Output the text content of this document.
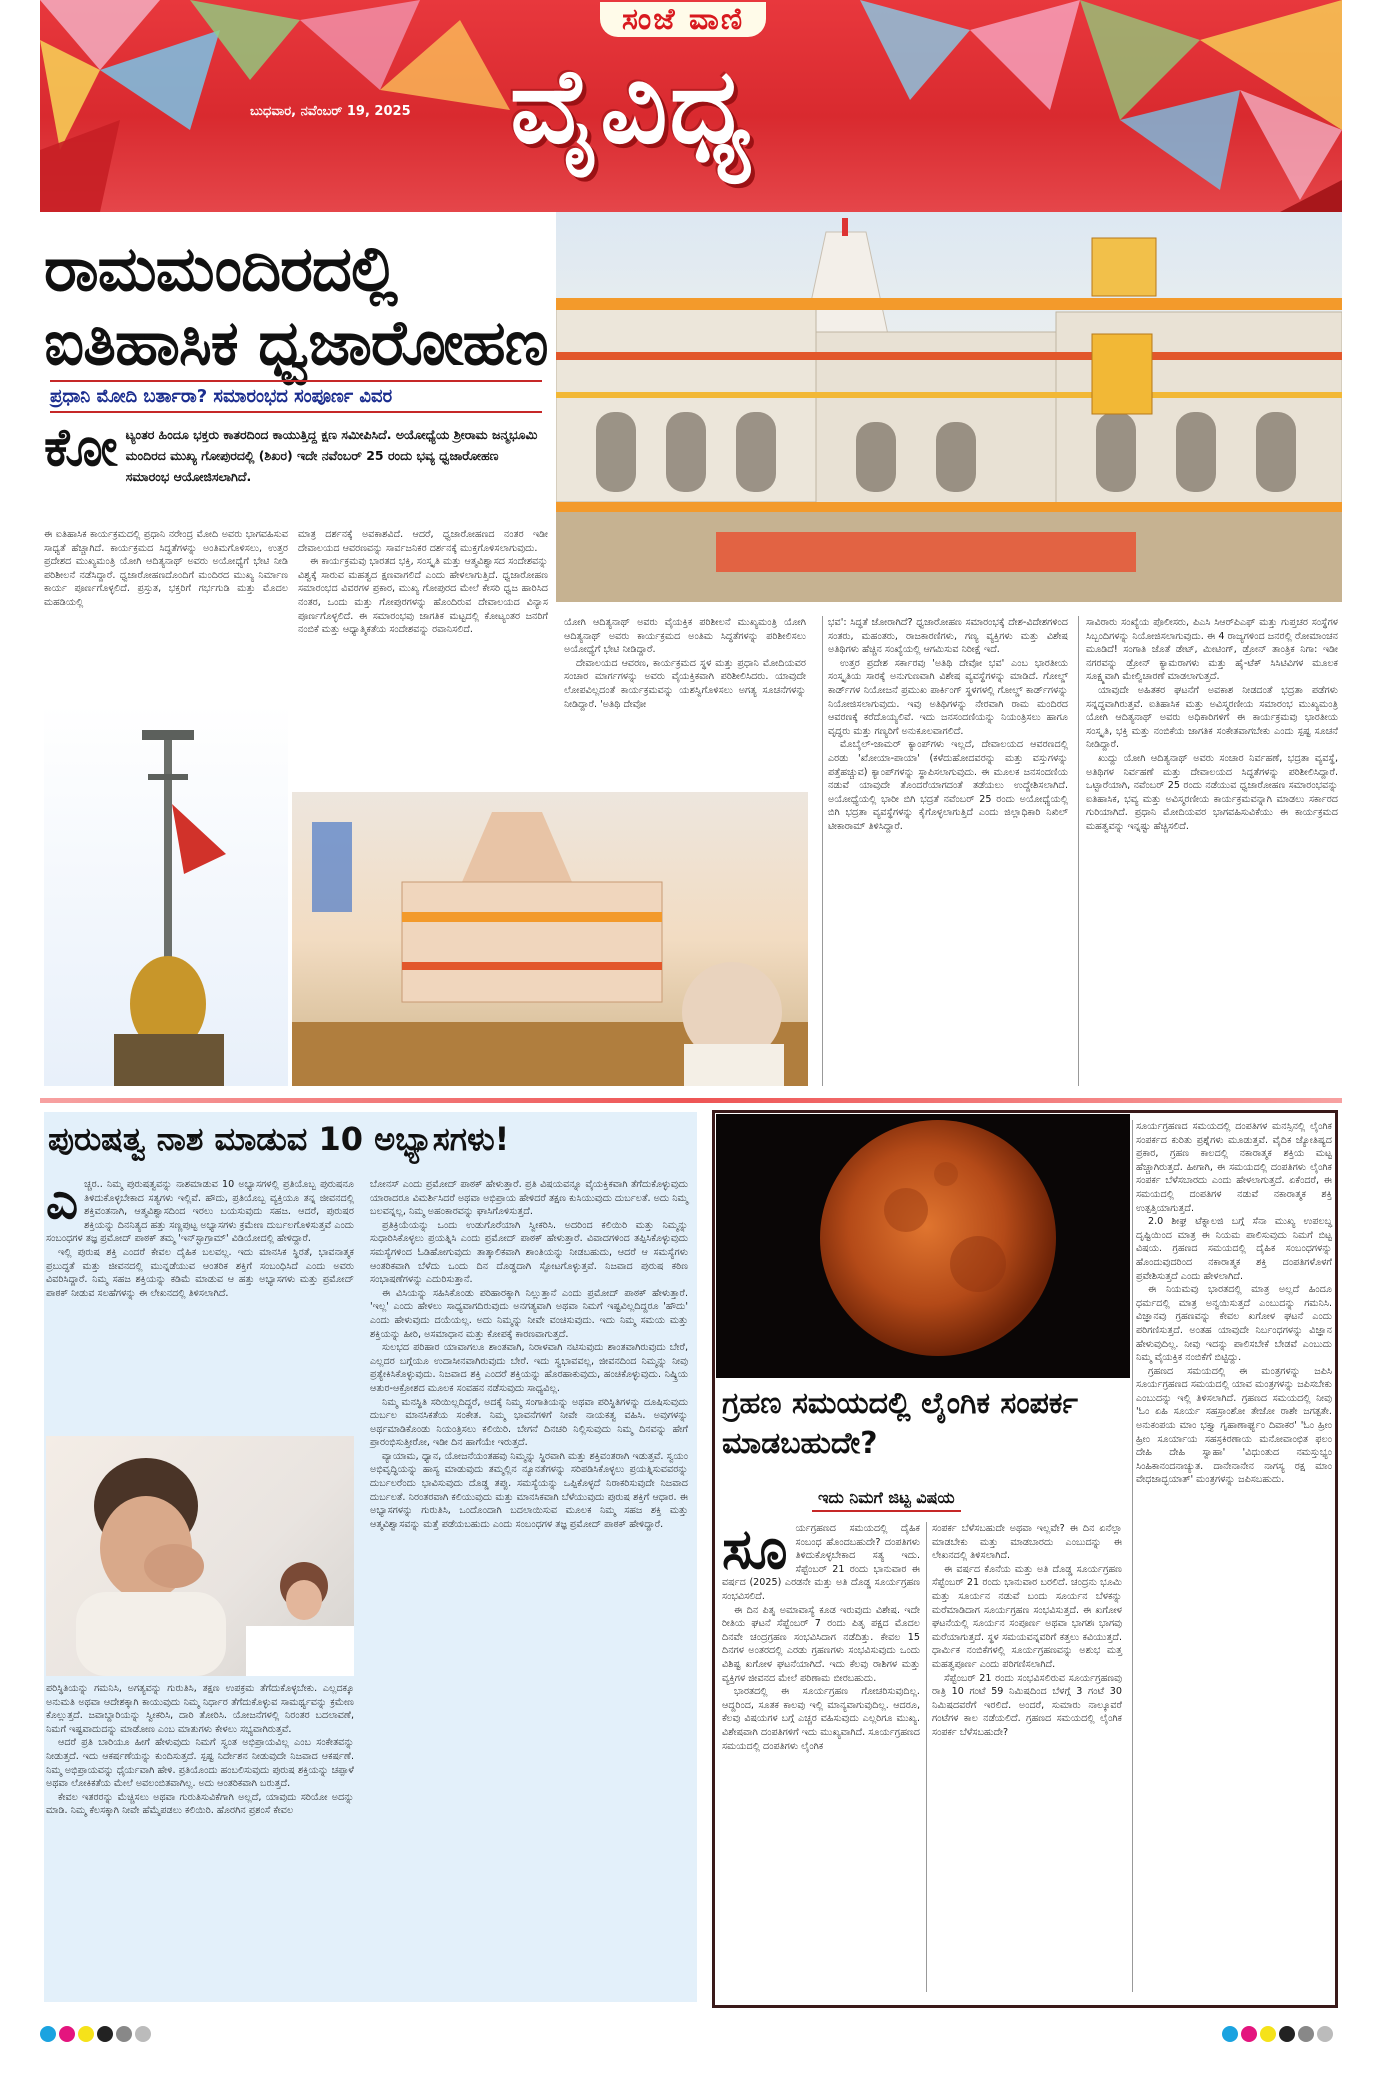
ಸಂಜೆ ವಾಣಿ
ಬುಧವಾರ, ನವೆಂಬರ್ 19, 2025 ವೈವಿಧ್ಯ
ರಾಮಮಂದಿರದಲ್ಲಿ
ಐತಿಹಾಸಿಕ ಧ್ವಜಾರೋಹಣ
ಪ್ರಧಾನಿ ಮೋದಿ ಬರ್ತಾರಾ? ಸಮಾರಂಭದ ಸಂಪೂರ್ಣ ವಿವರ
ಕೋ ಟ್ಯಂತರ ಹಿಂದೂ ಭಕ್ತರು ಕಾತರದಿಂದ ಕಾಯುತ್ತಿದ್ದ ಕ್ಷಣ ಸಮೀಪಿಸಿದೆ. ಅಯೋಧ್ಯೆಯ ಶ್ರೀರಾಮ ಜನ್ಮಭೂಮಿ ಮಂದಿರದ ಮುಖ್ಯ ಗೋಪುರದಲ್ಲಿ (ಶಿಖರ) ಇದೇ ನವೆಂಬರ್ 25 ರಂದು ಭವ್ಯ ಧ್ವಜಾರೋಹಣ ಸಮಾರಂಭ ಆಯೋಜಿಸಲಾಗಿದೆ.

ಈ ಐತಿಹಾಸಿಕ ಕಾರ್ಯಕ್ರಮದಲ್ಲಿ ಪ್ರಧಾನಿ ನರೇಂದ್ರ ಮೋದಿ ಅವರು ಭಾಗವಹಿಸುವ ಸಾಧ್ಯತೆ ಹೆಚ್ಚಾಗಿದೆ. ಕಾರ್ಯಕ್ರಮದ ಸಿದ್ಧತೆಗಳನ್ನು ಅಂತಿಮಗೊಳಿಸಲು, ಉತ್ತರ ಪ್ರದೇಶದ ಮುಖ್ಯಮಂತ್ರಿ ಯೋಗಿ ಆದಿತ್ಯನಾಥ್ ಅವರು ಅಯೋಧ್ಯೆಗೆ ಭೇಟಿ ನೀಡಿ ಪರಿಶೀಲನೆ ನಡೆಸಿದ್ದಾರೆ. ಧ್ವಜಾರೋಹಣದೊಂದಿಗೆ ಮಂದಿರದ ಮುಖ್ಯ ನಿರ್ಮಾಣ ಕಾರ್ಯ ಪೂರ್ಣಗೊಳ್ಳಲಿದೆ. ಪ್ರಸ್ತುತ, ಭಕ್ತರಿಗೆ ಗರ್ಭಗುಡಿ ಮತ್ತು ಮೊದಲ ಮಹಡಿಯಲ್ಲಿ

ಮಾತ್ರ ದರ್ಶನಕ್ಕೆ ಅವಕಾಶವಿದೆ. ಆದರೆ, ಧ್ವಜಾರೋಹಣದ ನಂತರ ಇಡೀ ದೇವಾಲಯದ ಆವರಣವನ್ನು ಸಾರ್ವಜನಿಕರ ದರ್ಶನಕ್ಕೆ ಮುಕ್ತಗೊಳಿಸಲಾಗುವುದು.

ಈ ಕಾರ್ಯಕ್ರಮವು ಭಾರತದ ಭಕ್ತಿ, ಸಂಸ್ಕೃತಿ ಮತ್ತು ಆತ್ಮವಿಶ್ವಾಸದ ಸಂದೇಶವನ್ನು ವಿಶ್ವಕ್ಕೆ ಸಾರುವ ಮಹತ್ವದ ಕ್ಷಣವಾಗಲಿದೆ ಎಂದು ಹೇಳಲಾಗುತ್ತಿದೆ. ಧ್ವಜಾರೋಹಣ ಸಮಾರಂಭದ ವಿವರಗಳ ಪ್ರಕಾರ, ಮುಖ್ಯ ಗೋಪುರದ ಮೇಲೆ ಕೇಸರಿ ಧ್ವಜ ಹಾರಿಸಿದ ನಂತರ, ಒಂದು ಮತ್ತು ಗೋಪುರಗಳನ್ನು ಹೊಂದಿರುವ ದೇವಾಲಯದ ವಿನ್ಯಾಸ ಪೂರ್ಣಗೊಳ್ಳಲಿದೆ. ಈ ಸಮಾರಂಭವು ಜಾಗತಿಕ ಮಟ್ಟದಲ್ಲಿ ಕೋಟ್ಯಂತರ ಜನರಿಗೆ ನಂಬಿಕೆ ಮತ್ತು ಆಧ್ಯಾತ್ಮಿಕತೆಯ ಸಂದೇಶವನ್ನು ರವಾನಿಸಲಿದೆ.

ಯೋಗಿ ಆದಿತ್ಯನಾಥ್ ಅವರು ವೈಯಕ್ತಿಕ ಪರಿಶೀಲನೆ ಮುಖ್ಯಮಂತ್ರಿ ಯೋಗಿ ಆದಿತ್ಯನಾಥ್ ಅವರು ಕಾರ್ಯಕ್ರಮದ ಅಂತಿಮ ಸಿದ್ಧತೆಗಳನ್ನು ಪರಿಶೀಲಿಸಲು ಅಯೋಧ್ಯೆಗೆ ಭೇಟಿ ನೀಡಿದ್ದಾರೆ.

ದೇವಾಲಯದ ಆವರಣ, ಕಾರ್ಯಕ್ರಮದ ಸ್ಥಳ ಮತ್ತು ಪ್ರಧಾನಿ ಮೋದಿಯವರ ಸಂಚಾರ ಮಾರ್ಗಗಳನ್ನು ಅವರು ವೈಯಕ್ತಿಕವಾಗಿ ಪರಿಶೀಲಿಸಿದರು. ಯಾವುದೇ ಲೋಪವಿಲ್ಲದಂತೆ ಕಾರ್ಯಕ್ರಮವನ್ನು ಯಶಸ್ವಿಗೊಳಿಸಲು ಅಗತ್ಯ ಸೂಚನೆಗಳನ್ನು ನೀಡಿದ್ದಾರೆ. 'ಅತಿಥಿ ದೇವೋ

ಭವ': ಸಿದ್ಧತೆ ಜೋರಾಗಿದೆ? ಧ್ವಜಾರೋಹಣ ಸಮಾರಂಭಕ್ಕೆ ದೇಶ-ವಿದೇಶಗಳಿಂದ ಸಂತರು, ಮಹಂತರು, ರಾಜಕಾರಣಿಗಳು, ಗಣ್ಯ ವ್ಯಕ್ತಿಗಳು ಮತ್ತು ವಿಶೇಷ ಅತಿಥಿಗಳು ಹೆಚ್ಚಿನ ಸಂಖ್ಯೆಯಲ್ಲಿ ಆಗಮಿಸುವ ನಿರೀಕ್ಷೆ ಇದೆ.

ಉತ್ತರ ಪ್ರದೇಶ ಸರ್ಕಾರವು 'ಅತಿಥಿ ದೇವೋ ಭವ' ಎಂಬ ಭಾರತೀಯ ಸಂಸ್ಕೃತಿಯ ಸಾರಕ್ಕೆ ಅನುಗುಣವಾಗಿ ವಿಶೇಷ ವ್ಯವಸ್ಥೆಗಳನ್ನು ಮಾಡಿದೆ. ಗೋಲ್ಡ್ ಕಾರ್ಡ್‌ಗಳ ನಿಯೋಜನೆ ಪ್ರಮುಖ ಪಾರ್ಕಿಂಗ್ ಸ್ಥಳಗಳಲ್ಲಿ ಗೋಲ್ಡ್ ಕಾರ್ಡ್‌ಗಳನ್ನು ನಿಯೋಜಿಸಲಾಗುವುದು. ಇವು ಅತಿಥಿಗಳನ್ನು ನೇರವಾಗಿ ರಾಮ ಮಂದಿರದ ಆವರಣಕ್ಕೆ ಕರೆದೊಯ್ಯಲಿವೆ. ಇದು ಜನಸಂದಣಿಯನ್ನು ನಿಯಂತ್ರಿಸಲು ಹಾಗೂ ವೃದ್ಧರು ಮತ್ತು ಗಣ್ಯರಿಗೆ ಅನುಕೂಲವಾಗಲಿದೆ.

ಮೊಬೈಲ್-ಜಾಮರ್ ಕ್ಯಾಂಪ್‌ಗಳು ಇಲ್ಲದೆ, ದೇವಾಲಯದ ಆವರಣದಲ್ಲಿ ಎರಡು 'ಖೋಯಾ-ಪಾಯಾ' (ಕಳೆದುಹೋದವರನ್ನು ಮತ್ತು ವಸ್ತುಗಳನ್ನು ಪತ್ತೆಹಚ್ಚುವ) ಕ್ಯಾಂಪ್‌ಗಳನ್ನು ಸ್ಥಾಪಿಸಲಾಗುವುದು. ಈ ಮೂಲಕ ಜನಸಂದಣಿಯ ನಡುವೆ ಯಾವುದೇ ತೊಂದರೆಯಾಗದಂತೆ ತಡೆಯಲು ಉದ್ದೇಶಿಸಲಾಗಿದೆ. ಅಯೋಧ್ಯೆಯಲ್ಲಿ ಭಾರೀ ಬಿಗಿ ಭದ್ರತೆ ನವೆಂಬರ್ 25 ರಂದು ಅಯೋಧ್ಯೆಯಲ್ಲಿ ಬಿಗಿ ಭದ್ರತಾ ವ್ಯವಸ್ಥೆಗಳನ್ನು ಕೈಗೊಳ್ಳಲಾಗುತ್ತಿದೆ ಎಂದು ಜಿಲ್ಲಾಧಿಕಾರಿ ನಿಖಿಲ್ ಟೀಕಾರಾಮ್ ತಿಳಿಸಿದ್ದಾರೆ.

ಸಾವಿರಾರು ಸಂಖ್ಯೆಯ ಪೊಲೀಸರು, ಪಿಎಸಿ ಸಿಆರ್‌ಪಿಎಫ್ ಮತ್ತು ಗುಪ್ತಚರ ಸಂಸ್ಥೆಗಳ ಸಿಬ್ಬಂದಿಗಳನ್ನು ನಿಯೋಜಿಸಲಾಗುವುದು. ಈ 4 ರಾಜ್ಯಗಳಿಂದ ಜನರಲ್ಲಿ ರೋಮಾಂಚನ ಮೂಡಿದೆ! ಸಂಗಾತಿ ಜೊತೆ ಡೇಟ್, ಮೀಟಿಂಗ್, ಡ್ರೋನ್ ತಾಂತ್ರಿಕ ನಿಗಾ: ಇಡೀ ನಗರವನ್ನು ಡ್ರೋನ್ ಕ್ಯಾಮರಾಗಳು ಮತ್ತು ಹೈ-ಟೆಕ್ ಸಿಸಿಟಿವಿಗಳ ಮೂಲಕ ಸೂಕ್ಷ್ಮವಾಗಿ ಮೇಲ್ವಿಚಾರಣೆ ಮಾಡಲಾಗುತ್ತದೆ.

ಯಾವುದೇ ಅಹಿತಕರ ಘಟನೆಗೆ ಅವಕಾಶ ನೀಡದಂತೆ ಭದ್ರತಾ ಪಡೆಗಳು ಸನ್ನದ್ಧವಾಗಿರುತ್ತವೆ. ಐತಿಹಾಸಿಕ ಮತ್ತು ಅವಿಸ್ಮರಣೀಯ ಸಮಾರಂಭ ಮುಖ್ಯಮಂತ್ರಿ ಯೋಗಿ ಆದಿತ್ಯನಾಥ್ ಅವರು ಅಧಿಕಾರಿಗಳಿಗೆ ಈ ಕಾರ್ಯಕ್ರಮವು ಭಾರತೀಯ ಸಂಸ್ಕೃತಿ, ಭಕ್ತಿ ಮತ್ತು ನಂಬಿಕೆಯ ಜಾಗತಿಕ ಸಂಕೇತವಾಗಬೇಕು ಎಂದು ಸ್ಪಷ್ಟ ಸೂಚನೆ ನೀಡಿದ್ದಾರೆ.

ಖುದ್ದು ಯೋಗಿ ಆದಿತ್ಯನಾಥ್ ಅವರು ಸಂಚಾರ ನಿರ್ವಹಣೆ, ಭದ್ರತಾ ವ್ಯವಸ್ಥೆ, ಅತಿಥಿಗಳ ನಿರ್ವಹಣೆ ಮತ್ತು ದೇವಾಲಯದ ಸಿದ್ಧತೆಗಳನ್ನು ಪರಿಶೀಲಿಸಿದ್ದಾರೆ. ಒಟ್ಟಾರೆಯಾಗಿ, ನವೆಂಬರ್ 25 ರಂದು ನಡೆಯುವ ಧ್ವಜಾರೋಹಣ ಸಮಾರಂಭವನ್ನು ಐತಿಹಾಸಿಕ, ಭವ್ಯ ಮತ್ತು ಅವಿಸ್ಮರಣೀಯ ಕಾರ್ಯಕ್ರಮವನ್ನಾಗಿ ಮಾಡಲು ಸರ್ಕಾರದ ಗುರಿಯಾಗಿದೆ. ಪ್ರಧಾನಿ ಮೋದಿಯವರ ಭಾಗವಹಿಸುವಿಕೆಯು ಈ ಕಾರ್ಯಕ್ರಮದ ಮಹತ್ವವನ್ನು ಇನ್ನಷ್ಟು ಹೆಚ್ಚಿಸಲಿದೆ.

ಪುರುಷತ್ವ ನಾಶ ಮಾಡುವ 10 ಅಭ್ಯಾಸಗಳು!
ಎ ಚ್ಚರ.. ನಿಮ್ಮ ಪುರುಷತ್ವವನ್ನು ನಾಶಮಾಡುವ 10 ಅಭ್ಯಾಸಗಳಲ್ಲಿ ಪ್ರತಿಯೊಬ್ಬ ಪುರುಷನೂ ತಿಳಿದುಕೊಳ್ಳಬೇಕಾದ ಸತ್ಯಗಳು ಇಲ್ಲಿವೆ. ಹೌದು, ಪ್ರತಿಯೊಬ್ಬ ವ್ಯಕ್ತಿಯೂ ತನ್ನ ಜೀವನದಲ್ಲಿ ಶಕ್ತಿವಂತನಾಗಿ, ಆತ್ಮವಿಶ್ವಾಸದಿಂದ ಇರಲು ಬಯಸುವುದು ಸಹಜ. ಆದರೆ, ಪುರುಷರ ಶಕ್ತಿಯನ್ನು ದಿನನಿತ್ಯದ ಹತ್ತು ಸಣ್ಣಪುಟ್ಟ ಅಭ್ಯಾಸಗಳು ಕ್ರಮೇಣ ದುರ್ಬಲಗೊಳಿಸುತ್ತವೆ ಎಂದು ಸಂಬಂಧಗಳ ತಜ್ಞ ಪ್ರಮೋದ್ ಪಾಠಕ್ ತಮ್ಮ 'ಇನ್‌ಸ್ಟಾಗ್ರಾಮ್' ವಿಡಿಯೋದಲ್ಲಿ ಹೇಳಿದ್ದಾರೆ.

ಇಲ್ಲಿ ಪುರುಷ ಶಕ್ತಿ ಎಂದರೆ ಕೇವಲ ದೈಹಿಕ ಬಲವಲ್ಲ. ಇದು ಮಾನಸಿಕ ಸ್ಥಿರತೆ, ಭಾವನಾತ್ಮಕ ಪ್ರಬುದ್ಧತೆ ಮತ್ತು ಜೀವನದಲ್ಲಿ ಮುನ್ನಡೆಯುವ ಆಂತರಿಕ ಶಕ್ತಿಗೆ ಸಂಬಂಧಿಸಿದೆ ಎಂದು ಅವರು ವಿವರಿಸಿದ್ದಾರೆ. ನಿಮ್ಮ ಸಹಜ ಶಕ್ತಿಯನ್ನು ಕಡಿಮೆ ಮಾಡುವ ಆ ಹತ್ತು ಅಭ್ಯಾಸಗಳು ಮತ್ತು ಪ್ರಮೋದ್ ಪಾಠಕ್ ನೀಡುವ ಸಲಹೆಗಳನ್ನು ಈ ಲೇಖನದಲ್ಲಿ ತಿಳಿಸಲಾಗಿದೆ.

ಪರಿಸ್ಥಿತಿಯನ್ನು ಗಮನಿಸಿ, ಅಗತ್ಯವನ್ನು ಗುರುತಿಸಿ, ತಕ್ಷಣ ಉಪಕ್ರಮ ತೆಗೆದುಕೊಳ್ಳಬೇಕು. ಎಲ್ಲದಕ್ಕೂ ಅನುಮತಿ ಅಥವಾ ಆದೇಶಕ್ಕಾಗಿ ಕಾಯುವುದು ನಿಮ್ಮ ನಿರ್ಧಾರ ತೆಗೆದುಕೊಳ್ಳುವ ಸಾಮರ್ಥ್ಯವನ್ನು ಕ್ರಮೇಣ ಕೊಲ್ಲುತ್ತದೆ. ಜವಾಬ್ದಾರಿಯನ್ನು ಸ್ವೀಕರಿಸಿ, ದಾರಿ ತೋರಿಸಿ. ಯೋಜನೆಗಳಲ್ಲಿ ನಿರಂತರ ಬದಲಾವಣೆ, ನಿಮಗೆ ಇಷ್ಟವಾದುದನ್ನು ಮಾಡೋಣ ಎಂಬ ಮಾತುಗಳು ಕೇಳಲು ಸಭ್ಯವಾಗಿರುತ್ತವೆ.

ಆದರೆ ಪ್ರತಿ ಬಾರಿಯೂ ಹೀಗೆ ಹೇಳುವುದು ನಿಮಗೆ ಸ್ವಂತ ಅಭಿಪ್ರಾಯವಿಲ್ಲ ಎಂಬ ಸಂಕೇತವನ್ನು ನೀಡುತ್ತದೆ. ಇದು ಆಕರ್ಷಣೆಯನ್ನು ಕುಂದಿಸುತ್ತದೆ. ಸ್ಪಷ್ಟ ನಿರ್ದೇಶನ ನೀಡುವುದೇ ನಿಜವಾದ ಆಕರ್ಷಣೆ. ನಿಮ್ಮ ಅಭಿಪ್ರಾಯವನ್ನು ಧೈರ್ಯವಾಗಿ ಹೇಳಿ. ಪ್ರತಿಯೊಂದು ಹಂಬಲಿಸುವುದು ಪುರುಷ ಶಕ್ತಿಯನ್ನು ಚಪ್ಪಾಳೆ ಅಥವಾ ಲೋಕಿಕತೆಯ ಮೇಲೆ ಅವಲಂಬಿತವಾಗಿಲ್ಲ. ಅದು ಆಂತರಿಕವಾಗಿ ಬರುತ್ತದೆ.

ಕೇವಲ ಇತರರನ್ನು ಮೆಚ್ಚಿಸಲು ಅಥವಾ ಗುರುತಿಸುವಿಕೆಗಾಗಿ ಅಲ್ಲದೆ, ಯಾವುದು ಸರಿಯೋ ಅದನ್ನು ಮಾಡಿ. ನಿಮ್ಮ ಕೆಲಸಕ್ಕಾಗಿ ನೀವೇ ಹೆಮ್ಮೆಪಡಲು ಕಲಿಯಿರಿ. ಹೊರಗಿನ ಪ್ರಶಂಸೆ ಕೇವಲ

ಬೋನಸ್ ಎಂದು ಪ್ರಮೋದ್ ಪಾಠಕ್ ಹೇಳುತ್ತಾರೆ. ಪ್ರತಿ ವಿಷಯವನ್ನೂ ವೈಯಕ್ತಿಕವಾಗಿ ತೆಗೆದುಕೊಳ್ಳುವುದು ಯಾರಾದರೂ ವಿಮರ್ಶಿಸಿದರೆ ಅಥವಾ ಅಭಿಪ್ರಾಯ ಹೇಳಿದರೆ ತಕ್ಷಣ ಕುಸಿಯುವುದು ದುರ್ಬಲತೆ. ಅದು ನಿಮ್ಮ ಬಲವನ್ನಲ್ಲ, ನಿಮ್ಮ ಅಹಂಕಾರವನ್ನು ಘಾಸಿಗೊಳಿಸುತ್ತದೆ.

ಪ್ರತಿಕ್ರಿಯೆಯನ್ನು ಒಂದು ಉಡುಗೊರೆಯಾಗಿ ಸ್ವೀಕರಿಸಿ. ಅದರಿಂದ ಕಲಿಯಿರಿ ಮತ್ತು ನಿಮ್ಮನ್ನು ಸುಧಾರಿಸಿಕೊಳ್ಳಲು ಪ್ರಯತ್ನಿಸಿ ಎಂದು ಪ್ರಮೋದ್ ಪಾಠಕ್ ಹೇಳುತ್ತಾರೆ. ವಿವಾದಗಳಿಂದ ತಪ್ಪಿಸಿಕೊಳ್ಳುವುದು ಸಮಸ್ಯೆಗಳಿಂದ ಓಡಿಹೋಗುವುದು ತಾತ್ಕಾಲಿಕವಾಗಿ ಶಾಂತಿಯನ್ನು ನೀಡಬಹುದು, ಆದರೆ ಆ ಸಮಸ್ಯೆಗಳು ಆಂತರಿಕವಾಗಿ ಬೆಳೆದು ಒಂದು ದಿನ ದೊಡ್ಡದಾಗಿ ಸ್ಫೋಟಗೊಳ್ಳುತ್ತವೆ. ನಿಜವಾದ ಪುರುಷ ಕಠಿಣ ಸಂಭಾಷಣೆಗಳನ್ನು ಎದುರಿಸುತ್ತಾನೆ.

ಈ ವಿಸಿಯನ್ನು ಸಹಿಸಿಕೊಂಡು ಪರಿಹಾರಕ್ಕಾಗಿ ನಿಲ್ಲುತ್ತಾನೆ ಎಂದು ಪ್ರಮೋದ್ ಪಾಠಕ್ ಹೇಳುತ್ತಾರೆ. 'ಇಲ್ಲ' ಎಂದು ಹೇಳಲು ಸಾಧ್ಯವಾಗದಿರುವುದು ಅನಗತ್ಯವಾಗಿ ಅಥವಾ ನಿಮಗೆ ಇಷ್ಟವಿಲ್ಲದಿದ್ದರೂ 'ಹೌದು' ಎಂದು ಹೇಳುವುದು ದಯೆಯಲ್ಲ. ಅದು ನಿಮ್ಮನ್ನು ನೀವೇ ವಂಚಿಸುವುದು. ಇದು ನಿಮ್ಮ ಸಮಯ ಮತ್ತು ಶಕ್ತಿಯನ್ನು ಹೀರಿ, ಅಸಮಾಧಾನ ಮತ್ತು ಕೋಪಕ್ಕೆ ಕಾರಣವಾಗುತ್ತದೆ.

ಸುಲಭದ ಪರಿಹಾರ ಯಾವಾಗಲೂ ಶಾಂತವಾಗಿ, ನಿರಾಳವಾಗಿ ನಟಿಸುವುದು ಶಾಂತವಾಗಿರುವುದು ಬೇರೆ, ಎಲ್ಲದರ ಬಗ್ಗೆಯೂ ಉದಾಸೀನವಾಗಿರುವುದು ಬೇರೆ. ಇದು ಸ್ವಭಾವವಲ್ಲ, ಜೀವನದಿಂದ ನಿಮ್ಮನ್ನು ನೀವು ಪ್ರತ್ಯೇಕಿಸಿಕೊಳ್ಳುವುದು. ನಿಜವಾದ ಶಕ್ತಿ ಎಂದರೆ ಶಕ್ತಿಯನ್ನು ಹೊರಹಾಕುವುದು, ಹಂಚಿಕೊಳ್ಳುವುದು. ನಿಷ್ಕ್ರಿಯ ಆತುರ-ಆಕ್ರೋಶದ ಮೂಲಕ ಸಂವಹನ ನಡೆಸುವುದು ಸಾಧ್ಯವಿಲ್ಲ.

ನಿಮ್ಮ ಮನಸ್ಥಿತಿ ಸರಿಯಿಲ್ಲದಿದ್ದರೆ, ಅದಕ್ಕೆ ನಿಮ್ಮ ಸಂಗಾತಿಯನ್ನು ಅಥವಾ ಪರಿಸ್ಥಿತಿಗಳನ್ನು ದೂಷಿಸುವುದು ದುರ್ಬಲ ಮಾನಸಿಕತೆಯ ಸಂಕೇತ. ನಿಮ್ಮ ಭಾವನೆಗಳಿಗೆ ನೀವೇ ನಾಯಕತ್ವ ವಹಿಸಿ. ಅವುಗಳನ್ನು ಅರ್ಥಮಾಡಿಕೊಂಡು ನಿಯಂತ್ರಿಸಲು ಕಲಿಯಿರಿ. ಬೇಗನೆ ದಿನಚರಿ ನಿಲ್ಲಿಸುವುದು ನಿಮ್ಮ ದಿನವನ್ನು ಹೇಗೆ ಪ್ರಾರಂಭಿಸುತ್ತೀರೋ, ಇಡೀ ದಿನ ಹಾಗೆಯೇ ಇರುತ್ತದೆ.

ವ್ಯಾಯಾಮ, ಧ್ಯಾನ, ಯೋಜನೆಯಂತಹವು ನಿಮ್ಮನ್ನು ಸ್ಥಿರವಾಗಿ ಮತ್ತು ಶಕ್ತಿವಂತರಾಗಿ ಇಡುತ್ತವೆ. ಸ್ವಯಂ ಅಭಿವೃದ್ಧಿಯನ್ನು ಹಾಸ್ಯ ಮಾಡುವುದು ತಮ್ಮಲ್ಲಿನ ನ್ಯೂನತೆಗಳನ್ನು ಸರಿಪಡಿಸಿಕೊಳ್ಳಲು ಪ್ರಯತ್ನಿಸುವವರನ್ನು ದುರ್ಬಲರೆಂದು ಭಾವಿಸುವುದು ದೊಡ್ಡ ತಪ್ಪು. ಸಮಸ್ಯೆಯನ್ನು ಒಪ್ಪಿಕೊಳ್ಳದೆ ನಿರಾಕರಿಸುವುದೇ ನಿಜವಾದ ದುರ್ಬಲತೆ. ನಿರಂತರವಾಗಿ ಕಲಿಯುವುದು ಮತ್ತು ಮಾನಸಿಕವಾಗಿ ಬೆಳೆಯುವುದು ಪುರುಷ ಶಕ್ತಿಗೆ ಆಧಾರ. ಈ ಅಭ್ಯಾಸಗಳನ್ನು ಗುರುತಿಸಿ, ಒಂದೊಂದಾಗಿ ಬದಲಾಯಿಸುವ ಮೂಲಕ ನಿಮ್ಮ ಸಹಜ ಶಕ್ತಿ ಮತ್ತು ಆತ್ಮವಿಶ್ವಾಸವನ್ನು ಮತ್ತೆ ಪಡೆಯಬಹುದು ಎಂದು ಸಂಬಂಧಗಳ ತಜ್ಞ ಪ್ರಮೋದ್ ಪಾಠಕ್ ಹೇಳಿದ್ದಾರೆ.

ಗ್ರಹಣ ಸಮಯದಲ್ಲಿ ಲೈಂಗಿಕ ಸಂಪರ್ಕ ಮಾಡಬಹುದೇ?
ಇದು ನಿಮಗೆ ಜಿಟ್ಟ ವಿಷಯ
ಸೂ ರ್ಯಗ್ರಹಣದ ಸಮಯದಲ್ಲಿ ದೈಹಿಕ ಸಂಬಂಧ ಹೊಂದಬಹುದೇ? ದಂಪತಿಗಳು ತಿಳಿದುಕೊಳ್ಳಬೇಕಾದ ಸತ್ಯ ಇದು. ಸೆಪ್ಟೆಂಬರ್ 21 ರಂದು ಭಾನುವಾರ ಈ ವರ್ಷದ (2025) ಎರಡನೇ ಮತ್ತು ಅತಿ ದೊಡ್ಡ ಸೂರ್ಯಗ್ರಹಣ ಸಂಭವಿಸಲಿದೆ.

ಈ ದಿನ ಪಿತೃ ಅಮಾವಾಸ್ಯೆ ಕೂಡ ಇರುವುದು ವಿಶೇಷ. ಇದೇ ರೀತಿಯ ಘಟನೆ ಸೆಪ್ಟೆಂಬರ್ 7 ರಂದು ಪಿತೃ ಪಕ್ಷದ ಮೊದಲ ದಿನವೇ ಚಂದ್ರಗ್ರಹಣ ಸಂಭವಿಸಿದಾಗ ನಡೆದಿತ್ತು. ಕೇವಲ 15 ದಿನಗಳ ಅಂತರದಲ್ಲಿ ಎರಡು ಗ್ರಹಣಗಳು ಸಂಭವಿಸುವುದು ಒಂದು ವಿಶಿಷ್ಟ ಖಗೋಳ ಘಟನೆಯಾಗಿದೆ. ಇದು ಕೆಲವು ರಾಶಿಗಳ ಮತ್ತು ವ್ಯಕ್ತಿಗಳ ಜೀವನದ ಮೇಲೆ ಪರಿಣಾಮ ಬೀರಬಹುದು.

ಭಾರತದಲ್ಲಿ ಈ ಸೂರ್ಯಗ್ರಹಣ ಗೋಚರಿಸುವುದಿಲ್ಲ. ಆದ್ದರಿಂದ, ಸೂತಕ ಕಾಲವು ಇಲ್ಲಿ ಮಾನ್ಯವಾಗುವುದಿಲ್ಲ. ಆದರೂ, ಕೆಲವು ವಿಷಯಗಳ ಬಗ್ಗೆ ಎಚ್ಚರ ವಹಿಸುವುದು ಎಲ್ಲರಿಗೂ ಮುಖ್ಯ. ವಿಶೇಷವಾಗಿ ದಂಪತಿಗಳಿಗೆ ಇದು ಮುಖ್ಯವಾಗಿದೆ. ಸೂರ್ಯಗ್ರಹಣದ ಸಮಯದಲ್ಲಿ ದಂಪತಿಗಳು ಲೈಂಗಿಕ

ಸಂಪರ್ಕ ಬೆಳೆಸಬಹುದೇ ಅಥವಾ ಇಲ್ಲವೇ? ಈ ದಿನ ಏನೆಲ್ಲಾ ಮಾಡಬೇಕು ಮತ್ತು ಮಾಡಬಾರದು ಎಂಬುದನ್ನು ಈ ಲೇಖನದಲ್ಲಿ ತಿಳಿಸಲಾಗಿದೆ.

ಈ ವರ್ಷದ ಕೊನೆಯ ಮತ್ತು ಅತಿ ದೊಡ್ಡ ಸೂರ್ಯಗ್ರಹಣ ಸೆಪ್ಟೆಂಬರ್ 21 ರಂದು ಭಾನುವಾರ ಬರಲಿದೆ. ಚಂದ್ರನು ಭೂಮಿ ಮತ್ತು ಸೂರ್ಯನ ನಡುವೆ ಬಂದು ಸೂರ್ಯನ ಬೆಳಕನ್ನು ಮರೆಮಾಡಿದಾಗ ಸೂರ್ಯಗ್ರಹಣ ಸಂಭವಿಸುತ್ತದೆ. ಈ ಖಗೋಳ ಘಟನೆಯಲ್ಲಿ ಸೂರ್ಯನ ಸಂಪೂರ್ಣ ಅಥವಾ ಭಾಗಶಃ ಭಾಗವು ಮರೆಯಾಗುತ್ತದೆ. ಸ್ಥಳ ಸಮಯವನ್ನವರಿಗೆ ಕತ್ತಲು ಕವಿಯುತ್ತದೆ. ಧಾರ್ಮಿಕ ನಂಬಿಕೆಗಳಲ್ಲಿ ಸೂರ್ಯಗ್ರಹಣವನ್ನು ಅಶುಭ ಮತ್ತ ಮಹತ್ವಪೂರ್ಣ ಎಂದು ಪರಿಗಣಿಸಲಾಗಿದೆ.

ಸೆಪ್ಟೆಂಬರ್ 21 ರಂದು ಸಂಭವಿಸಲಿರುವ ಸೂರ್ಯಗ್ರಹಣವು ರಾತ್ರಿ 10 ಗಂಟೆ 59 ನಿಮಿಷದಿಂದ ಬೆಳಗ್ಗೆ 3 ಗಂಟೆ 30 ನಿಮಿಷದವರೆಗೆ ಇರಲಿದೆ. ಅಂದರೆ, ಸುಮಾರು ನಾಲ್ಕೂವರೆ ಗಂಟೆಗಳ ಕಾಲ ನಡೆಯಲಿದೆ. ಗ್ರಹಣದ ಸಮಯದಲ್ಲಿ ಲೈಂಗಿಕ ಸಂಪರ್ಕ ಬೆಳೆಸಬಹುದೇ?

ಸೂರ್ಯಗ್ರಹಣದ ಸಮಯದಲ್ಲಿ ದಂಪತಿಗಳ ಮನಸ್ಸಿನಲ್ಲಿ ಲೈಂಗಿಕ ಸಂಪರ್ಕದ ಕುರಿತು ಪ್ರಶ್ನೆಗಳು ಮೂಡುತ್ತವೆ. ವೈದಿಕ ಜ್ಯೋತಿಷ್ಯದ ಪ್ರಕಾರ, ಗ್ರಹಣ ಕಾಲದಲ್ಲಿ ನಕಾರಾತ್ಮಕ ಶಕ್ತಿಯ ಮಟ್ಟ ಹೆಚ್ಚಾಗಿರುತ್ತದೆ. ಹೀಗಾಗಿ, ಈ ಸಮಯದಲ್ಲಿ ದಂಪತಿಗಳು ಲೈಂಗಿಕ ಸಂಪರ್ಕ ಬೆಳೆಸಬಾರದು ಎಂದು ಹೇಳಲಾಗುತ್ತದೆ. ಏಕೆಂದರೆ, ಈ ಸಮಯದಲ್ಲಿ ದಂಪತಿಗಳ ನಡುವೆ ನಕಾರಾತ್ಮಕ ಶಕ್ತಿ ಉತ್ಪತ್ತಿಯಾಗುತ್ತದೆ.

2.0 ಶೀಘ್ರ ಟೆಕ್ನಾಲಜಿ ಬಗ್ಗೆ ಸೆನಾ ಮುಖ್ಯ ಉಪಲಬ್ಧ ದೃಷ್ಟಿಯಿಂದ ಮಾತ್ರ ಈ ನಿಯಮ ಪಾಲಿಸುವುದು ನಿಮಗೆ ಬಿಟ್ಟ ವಿಷಯ. ಗ್ರಹಣದ ಸಮಯದಲ್ಲಿ ದೈಹಿಕ ಸಂಬಂಧಗಳನ್ನು ಹೊಂದುವುದರಿಂದ ನಕಾರಾತ್ಮಕ ಶಕ್ತಿ ದಂಪತಿಗಳೊಳಗೆ ಪ್ರವೇಶಿಸುತ್ತದೆ ಎಂದು ಹೇಳಲಾಗಿದೆ.

ಈ ನಿಯಮವು ಭಾರತದಲ್ಲಿ ಮಾತ್ರ ಅಲ್ಲದೆ ಹಿಂದೂ ಧರ್ಮದಲ್ಲಿ ಮಾತ್ರ ಅನ್ವಯಿಸುತ್ತದೆ ಎಂಬುದನ್ನು ಗಮನಿಸಿ. ವಿಜ್ಞಾನವು ಗ್ರಹಣವನ್ನು ಕೇವಲ ಖಗೋಳ ಘಟನೆ ಎಂದು ಪರಿಗಣಿಸುತ್ತದೆ. ಅಂತಹ ಯಾವುದೇ ನಿರ್ಬಂಧಗಳನ್ನು ವಿಜ್ಞಾನ ಹೇಳುವುದಿಲ್ಲ. ನೀವು ಇದನ್ನು ಪಾಲಿಸಬೇಕೆ ಬೇಡವೆ ಎಂಬುದು ನಿಮ್ಮ ವೈಯಕ್ತಿಕ ನಂಬಿಕೆಗೆ ಬಿಟ್ಟಿದ್ದು.

ಗ್ರಹಣದ ಸಮಯದಲ್ಲಿ ಈ ಮಂತ್ರಗಳನ್ನು ಜಪಿಸಿ ಸೂರ್ಯಗ್ರಹಣದ ಸಮಯದಲ್ಲಿ ಯಾವ ಮಂತ್ರಗಳನ್ನು ಜಪಿಸಬೇಕು ಎಂಬುದನ್ನು ಇಲ್ಲಿ ತಿಳಿಸಲಾಗಿದೆ. ಗ್ರಹಣದ ಸಮಯದಲ್ಲಿ ನೀವು 'ಓಂ ಏಹಿ ಸೂರ್ಯ ಸಹಸ್ರಾಂಶೋ ತೇಜೋ ರಾಶೇ ಜಗತ್ಪತೇ. ಅನುಕಂಪಯ ಮಾಂ ಭಕ್ತ್ಯಾ ಗೃಹಾಣಾರ್ಘ್ಯಂ ದಿವಾಕರ' 'ಓಂ ಹ್ರೀಂ ಹ್ರೀಂ ಸೂರ್ಯಾಯ ಸಹಸ್ರಕಿರಣಾಯ ಮನೋವಾಂಛಿತ ಫಲಂ ದೇಹಿ ದೇಹಿ ಸ್ವಾಹಾ' 'ವಿಧುಂತುದ ನಮಸ್ತುಭ್ಯಂ ಸಿಂಹಿಕಾನಂದನಾಚ್ಯುತ. ದಾನೇನಾನೇನ ನಾಗಸ್ಯ ರಕ್ಷ ಮಾಂ ವೇಧಜಾದ್ಭಯಾತ್' ಮಂತ್ರಗಳನ್ನು ಜಪಿಸಬಹುದು.
